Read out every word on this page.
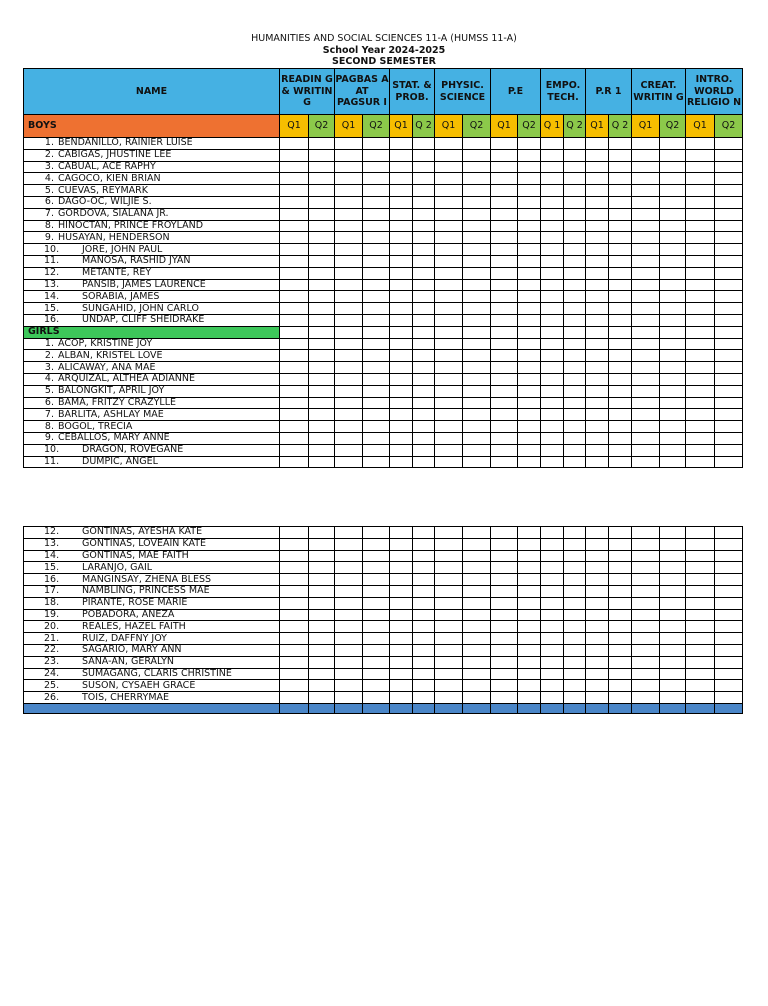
HUMANITIES AND SOCIAL SCIENCES 11-A (HUMSS 11-A)
School Year 2024-2025
SECOND SEMESTER
NAME	READIN G & WRITIN G		PAGBAS A AT PAGSUR I		STAT. & PROB.		PHYSIC. SCIENCE		P.E		EMPO. TECH.		P.R 1		CREAT. WRITIN G		INTRO. WORLD RELIGIO N	
BOYS	Q1	Q2	Q1	Q2	Q1	Q 2	Q1	Q2	Q1	Q2	Q 1	Q 2	Q1	Q 2	Q1	Q2	Q1	Q2
1. BENDANILLO, RAINIER LUISE																		
2. CABIGAS, JHUSTINE LEE																		
3. CABUAL, ACE RAPHY																		
4. CAGOCO, KIEN BRIAN																		
5. CUEVAS, REYMARK																		
6. DAGO-OC, WILJIE S.																		
7. GORDOVA, SIALANA JR.																		
8. HINOCTAN, PRINCE FROYLAND																		
9. HUSAYAN, HENDERSON																		
10. JORE, JOHN PAUL																		
11. MANOSA, RASHID JYAN																		
12. METANTE, REY																		
13. PANSIB, JAMES LAURENCE																		
14. SORABIA, JAMES																		
15. SUNGAHID, JOHN CARLO																		
16. UNDAP, CLIFF SHEIDRAKE																		
GIRLS																		
1. ACOP, KRISTINE JOY																		
2. ALBAN, KRISTEL LOVE																		
3. ALICAWAY, ANA MAE																		
4. ARQUIZAL, ALTHEA ADIANNE																		
5. BALONGKIT, APRIL JOY																		
6. BAMA, FRITZY CRAZYLLE																		
7. BARLITA, ASHLAY MAE																		
8. BOGOL, TRECIA																		
9. CEBALLOS, MARY ANNE																		
10. DRAGON, ROVEGANE																		
11. DUMPIC, ANGEL																		
12. GONTINAS, AYESHA KATE																		
13. GONTINAS, LOVEAIN KATE																		
14. GONTINAS, MAE FAITH																		
15. LARANJO, GAIL																		
16. MANGINSAY, ZHENA BLESS																		
17. NAMBLING, PRINCESS MAE																		
18. PIRANTE, ROSE MARIE																		
19. POBADORA, ANEZA																		
20. REALES, HAZEL FAITH																		
21. RUIZ, DAFFNY JOY																		
22. SAGARIO, MARY ANN																		
23. SANA-AN, GERALYN																		
24. SUMAGANG, CLARIS CHRISTINE																		
25. SUSON, CYSAEH GRACE																		
26. TOIS, CHERRYMAE																		
